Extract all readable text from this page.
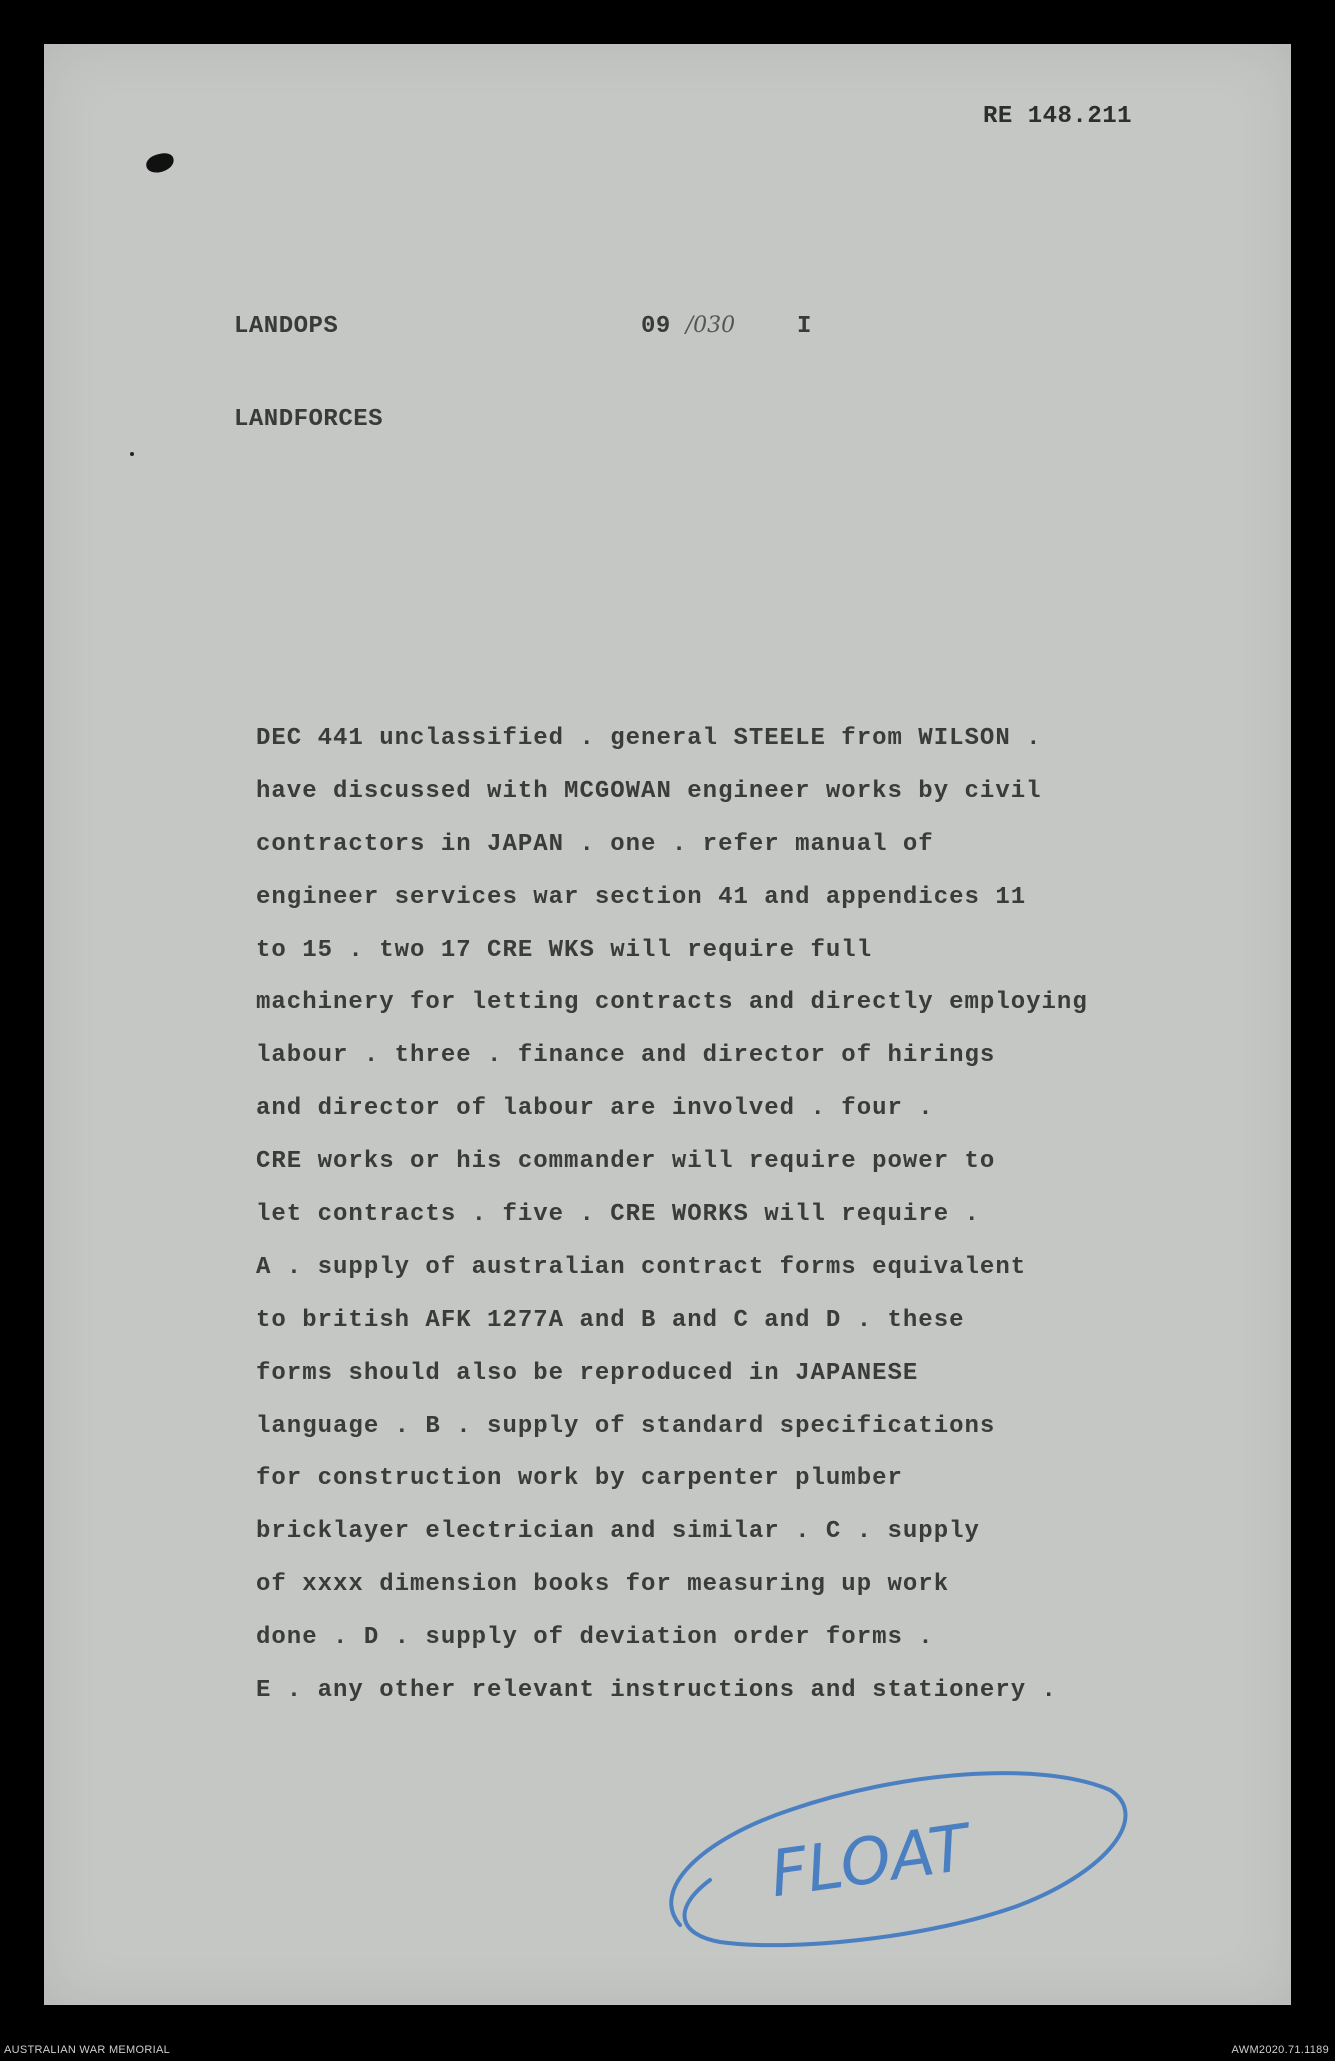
RE 148.211
LANDOPS	09 /030	I
LANDFORCES
DEC 441 unclassified . general STEELE from WILSON .
have discussed with MCGOWAN engineer works by civil
contractors in JAPAN . one . refer manual of
engineer services war section 41 and appendices 11
to 15 . two 17 CRE WKS will require full
machinery for letting contracts and directly employing
labour . three . finance and director of hirings
and director of labour are involved . four .
CRE works or his commander will require power to
let contracts . five . CRE WORKS will require .
A . supply of australian contract forms equivalent
to british AFK 1277A and B and C and D . these
forms should also be reproduced in JAPANESE
language . B . supply of standard specifications
for construction work by carpenter plumber
bricklayer electrician and similar . C . supply
of xxxx dimension books for measuring up work
done . D . supply of deviation order forms .
E . any other relevant instructions and stationery .
FLOAT
AUSTRALIAN WAR MEMORIAL	AWM2020.71.1189
